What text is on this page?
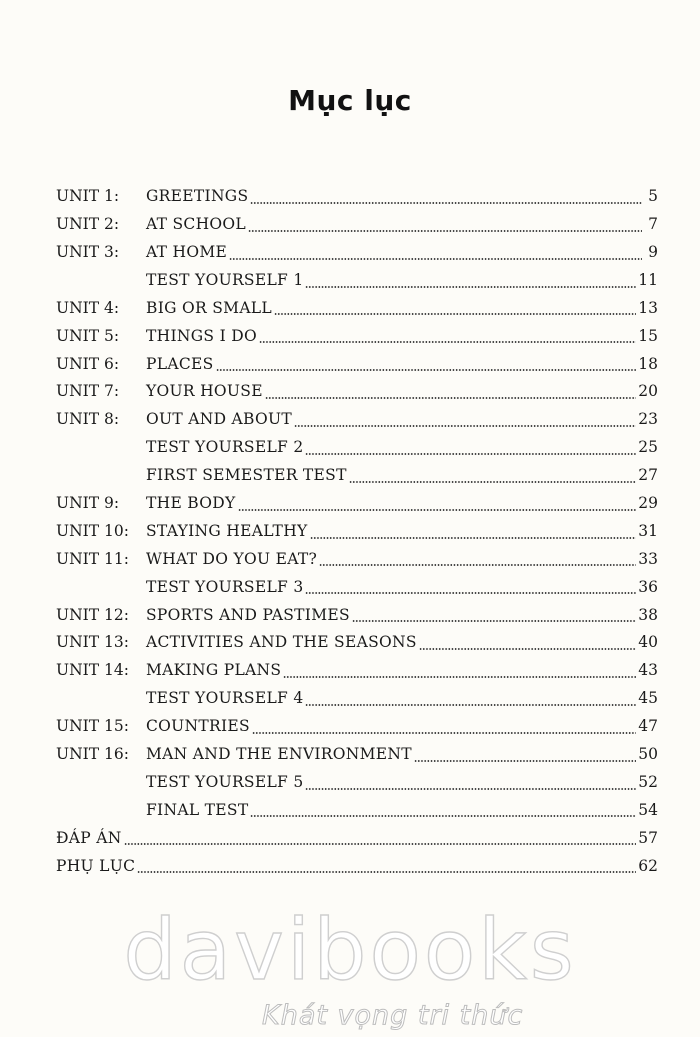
Mục lục
UNIT 1:	GREETINGS	5
UNIT 2:	AT SCHOOL	7
UNIT 3:	AT HOME	9
TEST YOURSELF 1	11
UNIT 4:	BIG OR SMALL	13
UNIT 5:	THINGS I DO	15
UNIT 6:	PLACES	18
UNIT 7:	YOUR HOUSE	20
UNIT 8:	OUT AND ABOUT	23
TEST YOURSELF 2	25
FIRST SEMESTER TEST	27
UNIT 9:	THE BODY	29
UNIT 10:	STAYING HEALTHY	31
UNIT 11:	WHAT DO YOU EAT?	33
TEST YOURSELF 3	36
UNIT 12:	SPORTS AND PASTIMES	38
UNIT 13:	ACTIVITIES AND THE SEASONS	40
UNIT 14:	MAKING PLANS	43
TEST YOURSELF 4	45
UNIT 15:	COUNTRIES	47
UNIT 16:	MAN AND THE ENVIRONMENT	50
TEST YOURSELF 5	52
FINAL TEST	54
ĐÁP ÁN	57
PHỤ LỤC	62
davibooks
Khát vọng tri thức
